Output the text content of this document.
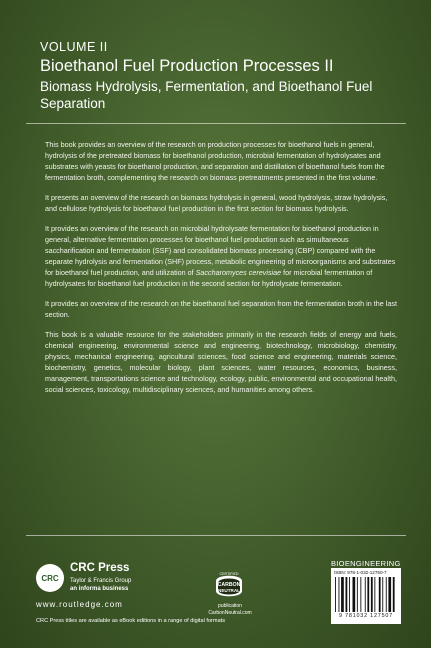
VOLUME II
Bioethanol Fuel Production Processes II
Biomass Hydrolysis, Fermentation, and Bioethanol Fuel Separation

This book provides an overview of the research on production processes for bioethanol fuels in general, hydrolysis of the pretreated biomass for bioethanol production, microbial fermentation of hydrolysates and substrates with yeasts for bioethanol production, and separation and distillation of bioethanol fuels from the fermentation broth, complementing the research on biomass pretreatments presented in the first volume.

It presents an overview of the research on biomass hydrolysis in general, wood hydrolysis, straw hydrolysis, and cellulose hydrolysis for bioethanol fuel production in the first section for biomass hydrolysis.

It provides an overview of the research on microbial hydrolysate fermentation for bioethanol production in general, alternative fermentation processes for bioethanol fuel production such as simultaneous saccharification and fermentation (SSF) and consolidated biomass processing (CBP) compared with the separate hydrolysis and fermentation (SHF) process, metabolic engineering of microorganisms and substrates for bioethanol fuel production, and utilization of Saccharomyces cerevisiae for microbial fermentation of hydrolysates for bioethanol fuel production in the second section for hydrolysate fermentation.

It provides an overview of the research on the bioethanol fuel separation from the fermentation broth in the last section.

This book is a valuable resource for the stakeholders primarily in the research fields of energy and fuels, chemical engineering, environmental science and engineering, biotechnology, microbiology, chemistry, physics, mechanical engineering, agricultural sciences, food science and engineering, materials science, biochemistry, genetics, molecular biology, plant sciences, water resources, economics, business, management, transportations science and technology, ecology, public, environmental and occupational health, social sciences, toxicology, multidisciplinary sciences, and humanities among others.

CRC
CRC Press
Taylor & Francis Group
an informa business
www.routledge.com
CRC Press titles are available as eBook editions in a range of digital formats
CERTIFIED
CARBON
NEUTRAL
publication
CarbonNeutral.com
BIOENGINEERING
ISBN: 978-1-032-12750-7
9 781032 127507
